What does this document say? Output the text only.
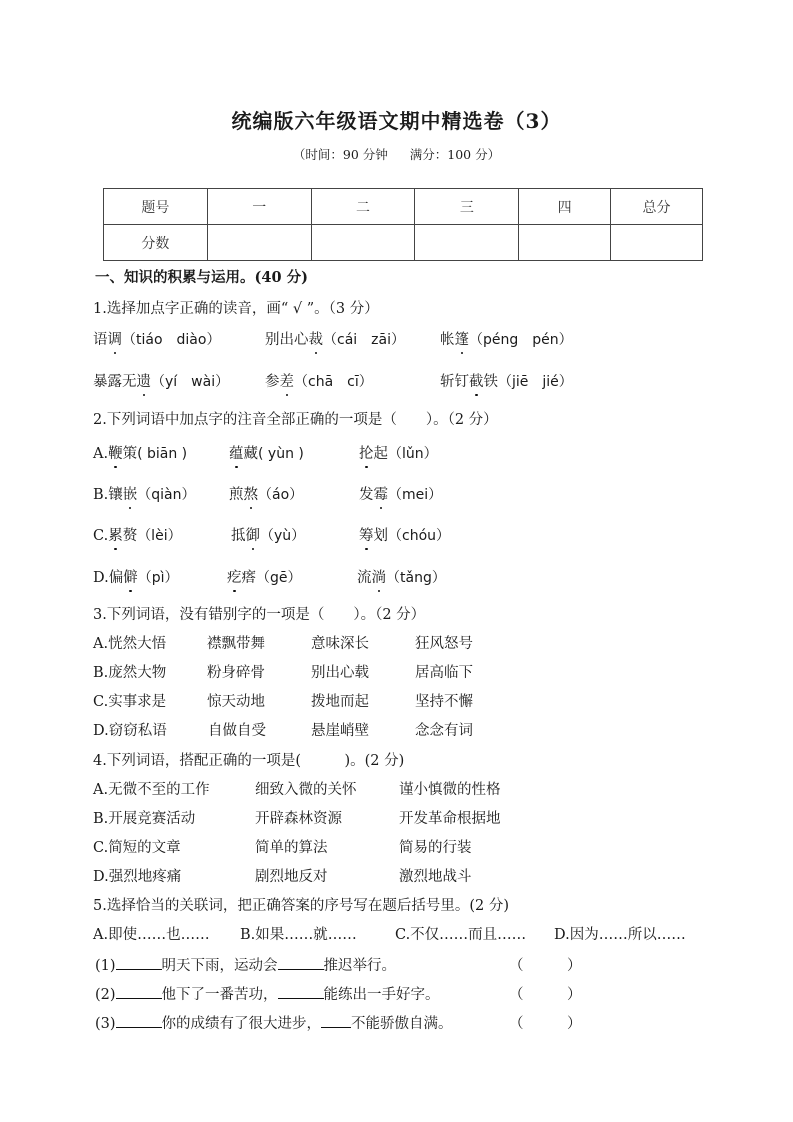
统编版六年级语文期中精选卷（3）
（时间：90 分钟 满分：100 分）
题号	一	二	三	四	总分
分数					
一、知识的积累与运用。(40 分)
1.选择加点字正确的读音，画“ √ ”。（3 分）
语调（tiáo　diào）	别出心裁（cái　zāi） 帐篷（péng　pén）
暴露无遗（yí　wài） 参差（chā　cī）	斩钉截铁（jiē　jié）
2.下列词语中加点字的注音全部正确的一项是（　　）。（2 分）
A.鞭策( biān )	蕴藏( yùn )	抡起（lǔn）
B.镶嵌（qiàn） 煎熬（áo）	发霉（mei）
C.累赘（lèi）	抵御（yù）	筹划（chóu）
D.偏僻（pì）	疙瘩（gē）	流淌（tǎng）
3.下列词语，没有错别字的一项是（　　）。（2 分）
A.恍然大悟	襟飘带舞	意味深长	狂风怒号
B.庞然大物	粉身碎骨	别出心载	居高临下
C.实事求是	惊天动地	拨地而起	坚持不懈
D.窃窃私语	自做自受	悬崖峭壁	念念有词
4.下列词语，搭配正确的一项是(　　　)。(2 分)
A.无微不至的工作	细致入微的关怀	谨小慎微的性格
B.开展竞赛活动	开辟森林资源	开发革命根据地
C.简短的文章	简单的算法	简易的行装
D.强烈地疼痛	剧烈地反对	激烈地战斗
5.选择恰当的关联词，把正确答案的序号写在题后括号里。(2 分)
A.即使……也…… B.如果……就……	C.不仅……而且…… D.因为……所以……
(1)	明天下雨，运动会	推迟举行。	（　　　）
(2)	他下了一番苦功，	能练出一手好字。	（　　　）
(3)	你的成绩有了很大进步， 不能骄傲自满。	（　　　）
